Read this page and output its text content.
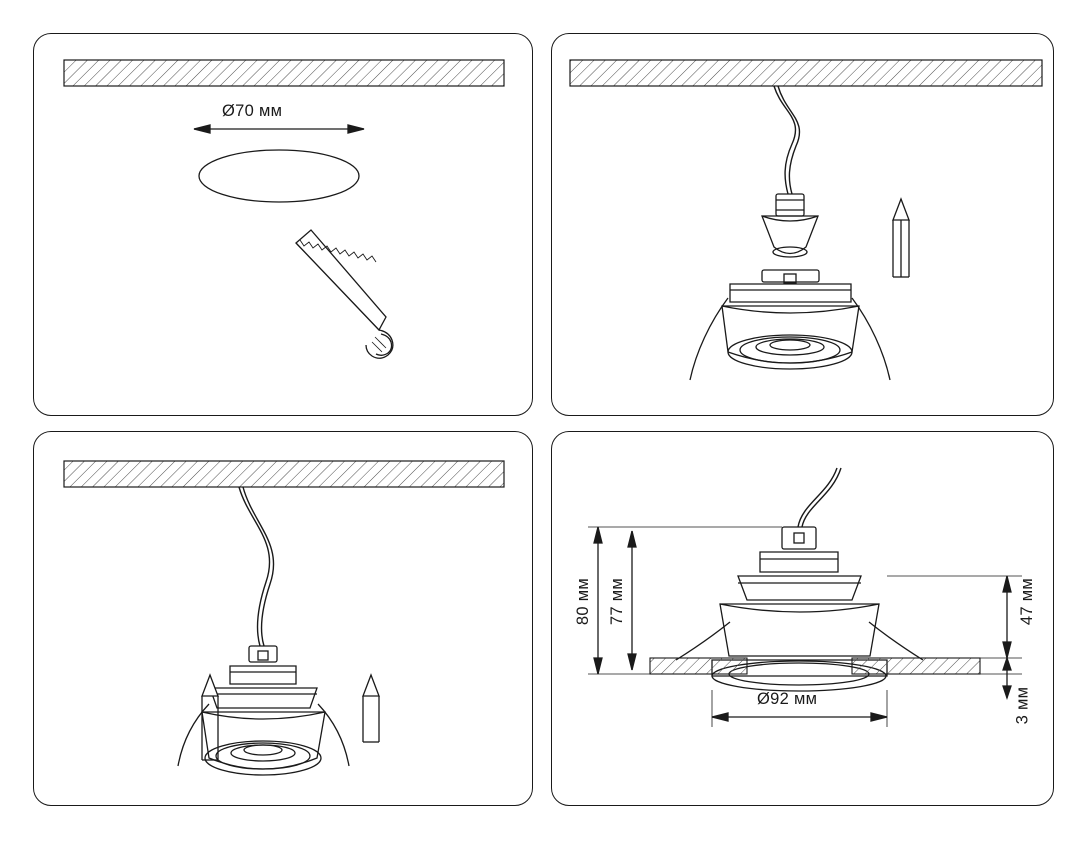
Ø70 мм
80 мм 77 мм	47 мм
3 мм
Ø92 мм
